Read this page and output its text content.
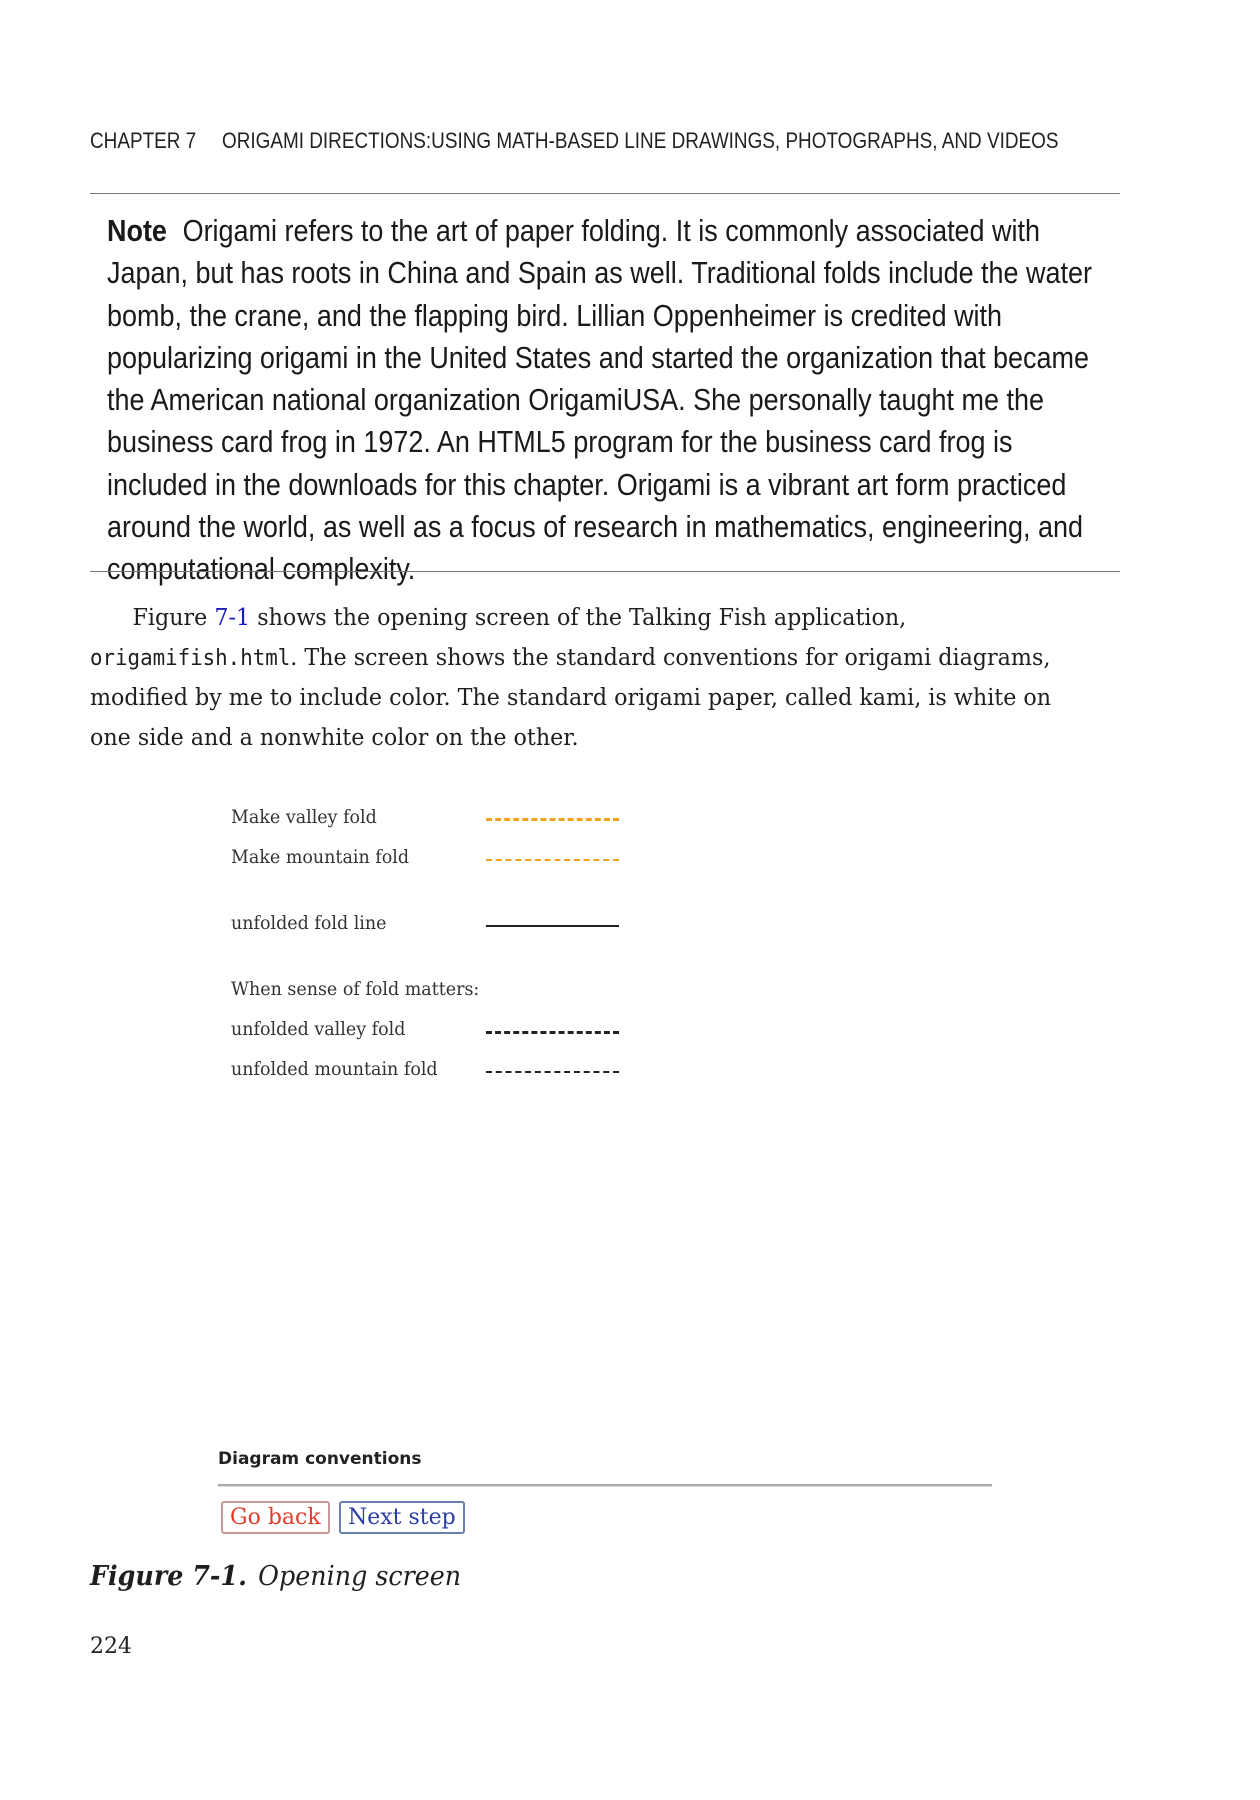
CHAPTER 7 ORIGAMI DIRECTIONS:USING MATH-BASED LINE DRAWINGS, PHOTOGRAPHS, AND VIDEOS
Note Origami refers to the art of paper folding. It is commonly associated with Japan, but has roots in China and Spain as well. Traditional folds include the water bomb, the crane, and the flapping bird. Lillian Oppenheimer is credited with popularizing origami in the United States and started the organization that became the American national organization OrigamiUSA. She personally taught me the business card frog in 1972. An HTML5 program for the business card frog is included in the downloads for this chapter. Origami is a vibrant art form practiced around the world, as well as a focus of research in mathematics, engineering, and computational complexity.

Figure 7-1 shows the opening screen of the Talking Fish application, origamifish.html. The screen shows the standard conventions for origami diagrams, modified by me to include color. The standard origami paper, called kami, is white on one side and a nonwhite color on the other.

Make valley fold
Make mountain fold
unfolded fold line
When sense of fold matters:
unfolded valley fold
unfolded mountain fold
Diagram conventions
Go back	Next step
Figure 7-1. Opening screen
224
